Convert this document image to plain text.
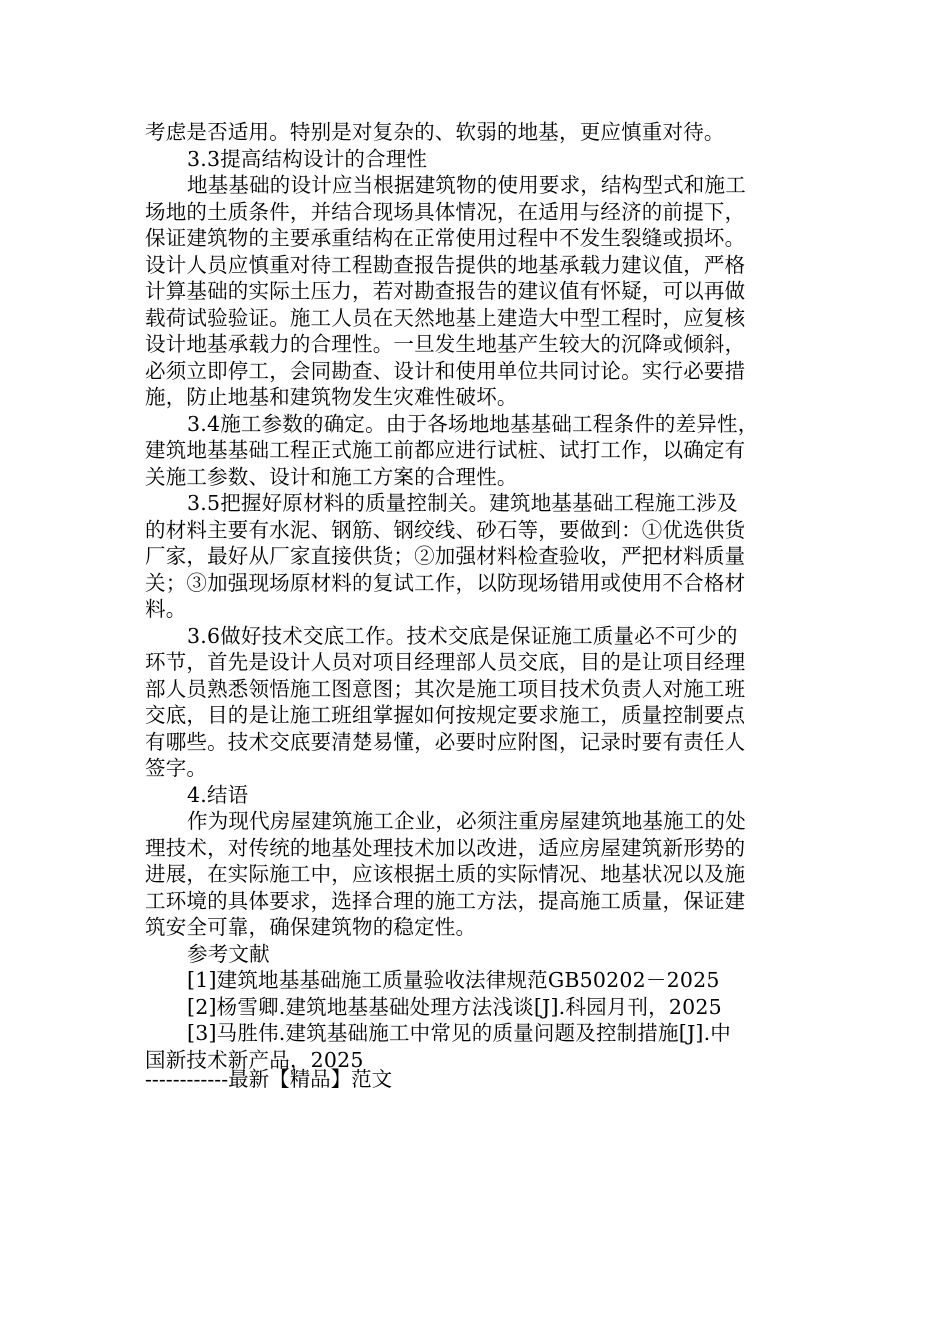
考虑是否适用。特别是对复杂的、软弱的地基，更应慎重对待。
3.3提高结构设计的合理性
地基基础的设计应当根据建筑物的使用要求，结构型式和施工
场地的土质条件，并结合现场具体情况，在适用与经济的前提下，
保证建筑物的主要承重结构在正常使用过程中不发生裂缝或损坏。
设计人员应慎重对待工程勘查报告提供的地基承载力建议值，严格
计算基础的实际土压力，若对勘查报告的建议值有怀疑，可以再做
载荷试验验证。施工人员在天然地基上建造大中型工程时，应复核
设计地基承载力的合理性。一旦发生地基产生较大的沉降或倾斜，
必须立即停工，会同勘查、设计和使用单位共同讨论。实行必要措
施，防止地基和建筑物发生灾难性破坏。
3.4施工参数的确定。由于各场地地基基础工程条件的差异性，
建筑地基基础工程正式施工前都应进行试桩、试打工作，以确定有
关施工参数、设计和施工方案的合理性。
3.5把握好原材料的质量控制关。建筑地基基础工程施工涉及
的材料主要有水泥、钢筋、钢绞线、砂石等，要做到：①优选供货
厂家，最好从厂家直接供货；②加强材料检查验收，严把材料质量
关；③加强现场原材料的复试工作，以防现场错用或使用不合格材
料。
3.6做好技术交底工作。技术交底是保证施工质量必不可少的
环节，首先是设计人员对项目经理部人员交底，目的是让项目经理
部人员熟悉领悟施工图意图；其次是施工项目技术负责人对施工班
交底，目的是让施工班组掌握如何按规定要求施工，质量控制要点
有哪些。技术交底要清楚易懂，必要时应附图，记录时要有责任人
签字。
4.结语
作为现代房屋建筑施工企业，必须注重房屋建筑地基施工的处
理技术，对传统的地基处理技术加以改进，适应房屋建筑新形势的
进展，在实际施工中，应该根据土质的实际情况、地基状况以及施
工环境的具体要求，选择合理的施工方法，提高施工质量，保证建
筑安全可靠，确保建筑物的稳定性。
参考文献
[1]建筑地基基础施工质量验收法律规范GB50202－2025
[2]杨雪卿.建筑地基基础处理方法浅谈[J].科园月刊，2025
[3]马胜伟.建筑基础施工中常见的质量问题及控制措施[J].中
国新技术新产品，2025
------------最新【精品】范文
